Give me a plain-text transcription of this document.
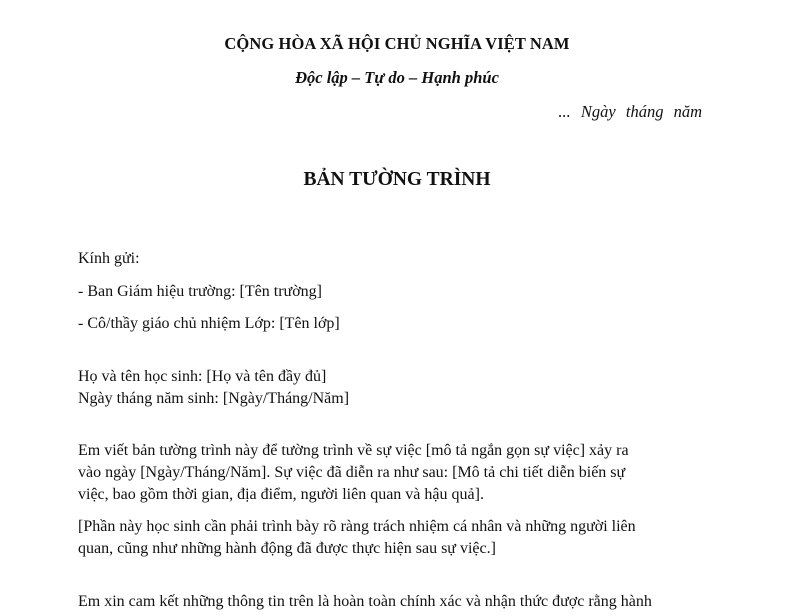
CỘNG HÒA XÃ HỘI CHỦ NGHĨA VIỆT NAM

Độc lập – Tự do – Hạnh phúc

... Ngày tháng năm

BẢN TƯỜNG TRÌNH

Kính gửi:

- Ban Giám hiệu trường: [Tên trường]

- Cô/thầy giáo chủ nhiệm Lớp: [Tên lớp]

Họ và tên học sinh: [Họ và tên đầy đủ]

Ngày tháng năm sinh: [Ngày/Tháng/Năm]

Em viết bản tường trình này để tường trình về sự việc [mô tả ngắn gọn sự việc] xảy ra

vào ngày [Ngày/Tháng/Năm]. Sự việc đã diễn ra như sau: [Mô tả chi tiết diễn biến sự

việc, bao gồm thời gian, địa điểm, người liên quan và hậu quả].

[Phần này học sinh cần phải trình bày rõ ràng trách nhiệm cá nhân và những người liên

quan, cũng như những hành động đã được thực hiện sau sự việc.]

Em xin cam kết những thông tin trên là hoàn toàn chính xác và nhận thức được rằng hành
